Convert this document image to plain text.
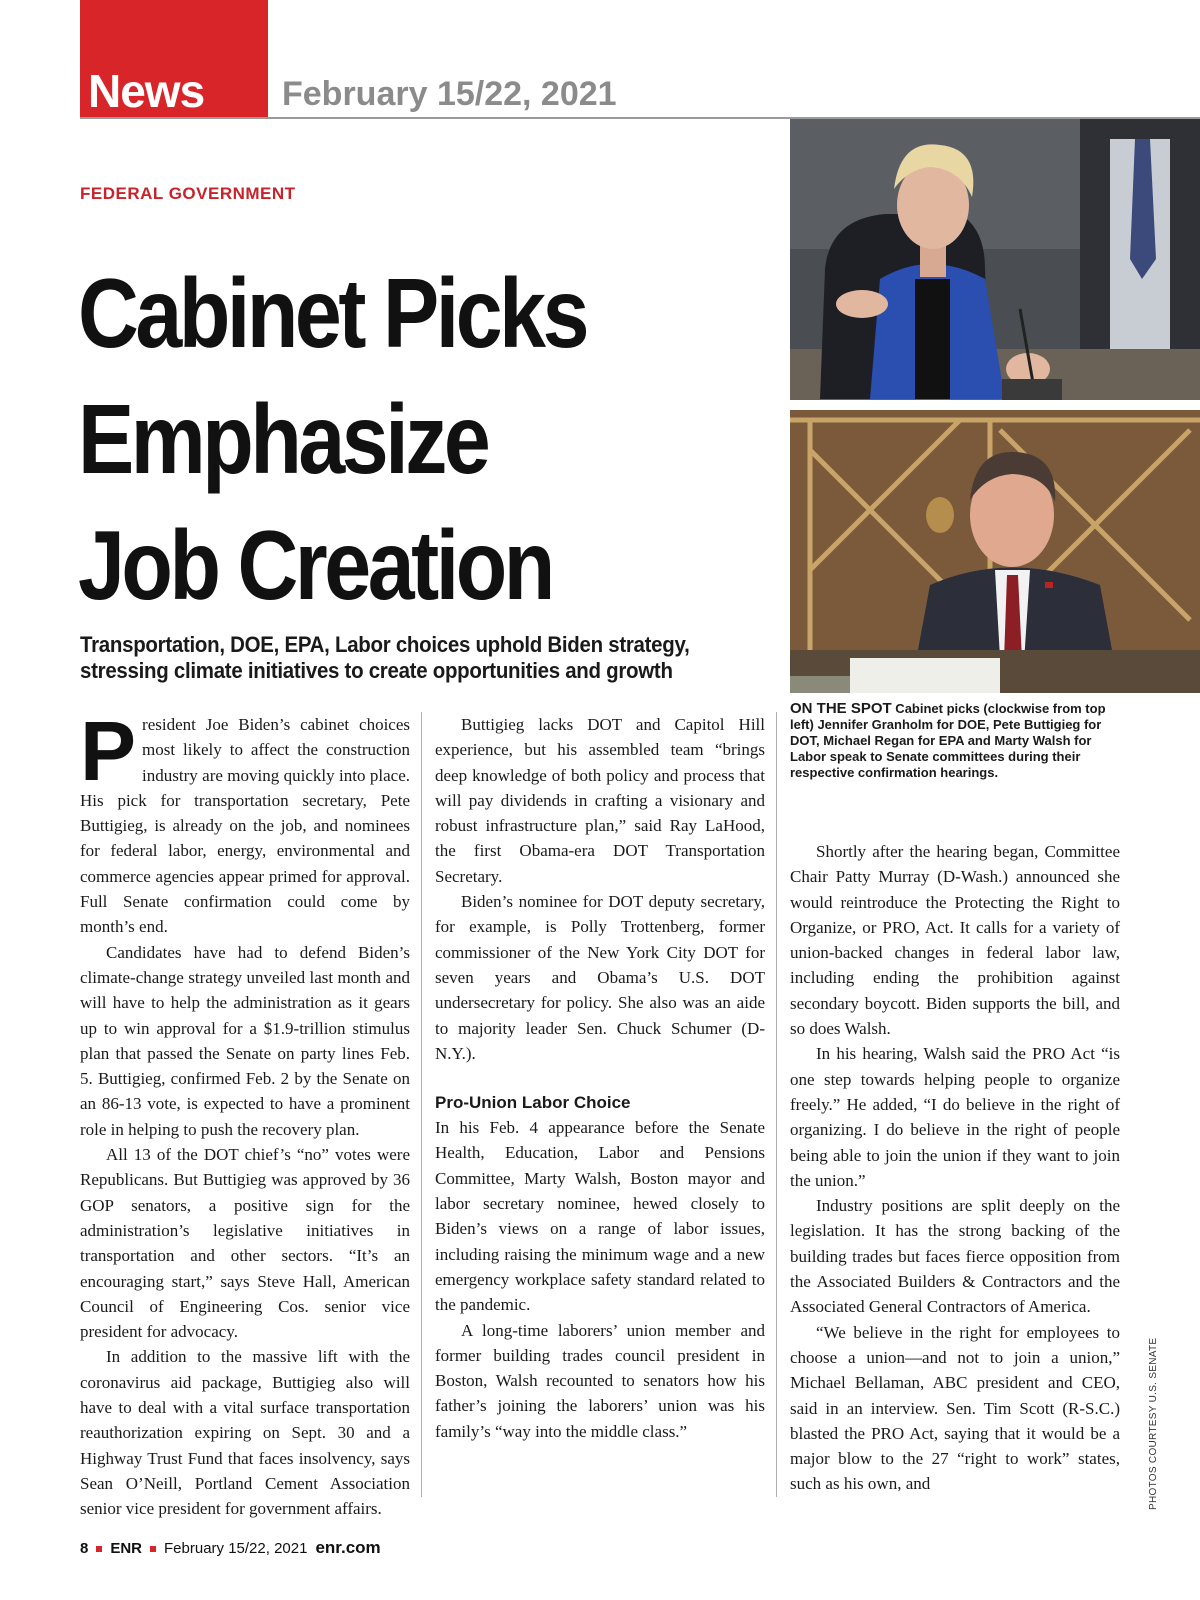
News February 15/22, 2021
FEDERAL GOVERNMENT
Cabinet Picks
Emphasize
Job Creation
Transportation, DOE, EPA, Labor choices uphold Biden strategy,
stressing climate initiatives to create opportunities and growth
ON THE SPOT Cabinet picks (clockwise from top left) Jennifer Granholm for DOE, Pete Buttigieg for DOT, Michael Regan for EPA and Marty Walsh for Labor speak to Senate committees during their respective confirmation hearings.

President Joe Biden’s cabinet choices most likely to affect the construction industry are moving quickly into place. His pick for transportation secretary, Pete Buttigieg, is already on the job, and nominees for federal labor, energy, environmental and commerce agencies appear primed for approval. Full Senate confirmation could come by month’s end.

Candidates have had to defend Biden’s climate-change strategy unveiled last month and will have to help the administration as it gears up to win approval for a $1.9-trillion stimulus plan that passed the Senate on party lines Feb. 5. Buttigieg, confirmed Feb. 2 by the Senate on an 86-13 vote, is expected to have a prominent role in helping to push the recovery plan.

All 13 of the DOT chief’s “no” votes were Republicans. But Buttigieg was approved by 36 GOP senators, a positive sign for the administration’s legislative initiatives in transportation and other sectors. “It’s an encouraging start,” says Steve Hall, American Council of Engineering Cos. senior vice president for advocacy.

In addition to the massive lift with the coronavirus aid package, Buttigieg also will have to deal with a vital surface transportation reauthorization expiring on Sept. 30 and a Highway Trust Fund that faces insolvency, says Sean O’Neill, Portland Cement Association senior vice president for government affairs.

Buttigieg lacks DOT and Capitol Hill experience, but his assembled team “brings deep knowledge of both policy and process that will pay dividends in crafting a visionary and robust infrastructure plan,” said Ray LaHood, the first Obama-era DOT Transportation Secretary.

Biden’s nominee for DOT deputy secretary, for example, is Polly Trottenberg, former commissioner of the New York City DOT for seven years and Obama’s U.S. DOT undersecretary for policy. She also was an aide to majority leader Sen. Chuck Schumer (D-N.Y.).

Pro-Union Labor Choice

In his Feb. 4 appearance before the Senate Health, Education, Labor and Pensions Committee, Marty Walsh, Boston mayor and labor secretary nominee, hewed closely to Biden’s views on a range of labor issues, including raising the minimum wage and a new emergency workplace safety standard related to the pandemic.

A long-time laborers’ union member and former building trades council president in Boston, Walsh recounted to senators how his father’s joining the laborers’ union was his family’s “way into the middle class.”

Shortly after the hearing began, Committee Chair Patty Murray (D-Wash.) announced she would reintroduce the Protecting the Right to Organize, or PRO, Act. It calls for a variety of union-backed changes in federal labor law, including ending the prohibition against secondary boycott. Biden supports the bill, and so does Walsh.

In his hearing, Walsh said the PRO Act “is one step towards helping people to organize freely.” He added, “I do believe in the right of organizing. I do believe in the right of people being able to join the union if they want to join the union.”

Industry positions are split deeply on the legislation. It has the strong backing of the building trades but faces fierce opposition from the Associated Builders & Contractors and the Associated General Contractors of America.

“We believe in the right for employees to choose a union—and not to join a union,” Michael Bellaman, ABC president and CEO, said in an interview. Sen. Tim Scott (R-S.C.) blasted the PRO Act, saying that it would be a major blow to the 27 “right to work” states, such as his own, and	PHOTOS COURTESY U.S. SENATE
8 ENR February 15/22, 2021 enr.com
